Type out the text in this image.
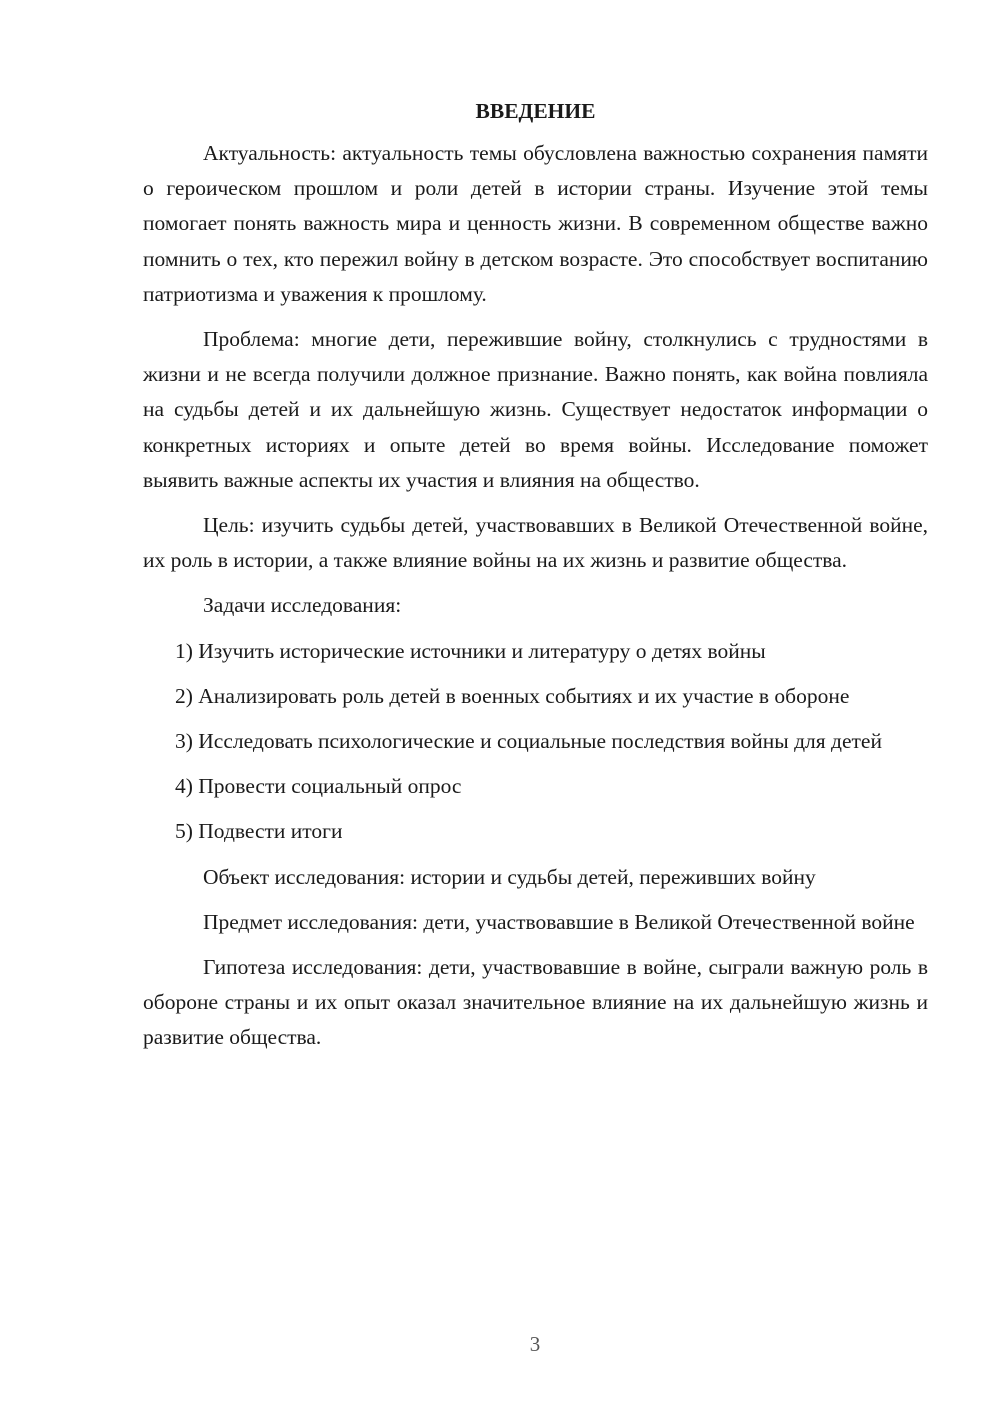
ВВЕДЕНИЕ

Актуальность: актуальность темы обусловлена важностью сохранения памяти о героическом прошлом и роли детей в истории страны. Изучение этой темы помогает понять важность мира и ценность жизни. В современном обществе важно помнить о тех, кто пережил войну в детском возрасте. Это способствует воспитанию патриотизма и уважения к прошлому.

Проблема: многие дети, пережившие войну, столкнулись с трудностями в жизни и не всегда получили должное признание. Важно понять, как война повлияла на судьбы детей и их дальнейшую жизнь. Существует недостаток информации о конкретных историях и опыте детей во время войны. Исследование поможет выявить важные аспекты их участия и влияния на общество.

Цель: изучить судьбы детей, участвовавших в Великой Отечественной войне, их роль в истории, а также влияние войны на их жизнь и развитие общества.

Задачи исследования:

1) Изучить исторические источники и литературу о детях войны

2) Анализировать роль детей в военных событиях и их участие в обороне

3) Исследовать психологические и социальные последствия войны для детей

4) Провести социальный опрос

5) Подвести итоги

Объект исследования: истории и судьбы детей, переживших войну

Предмет исследования: дети, участвовавшие в Великой Отечественной войне

Гипотеза исследования: дети, участвовавшие в войне, сыграли важную роль в обороне страны и их опыт оказал значительное влияние на их дальнейшую жизнь и развитие общества.

3
